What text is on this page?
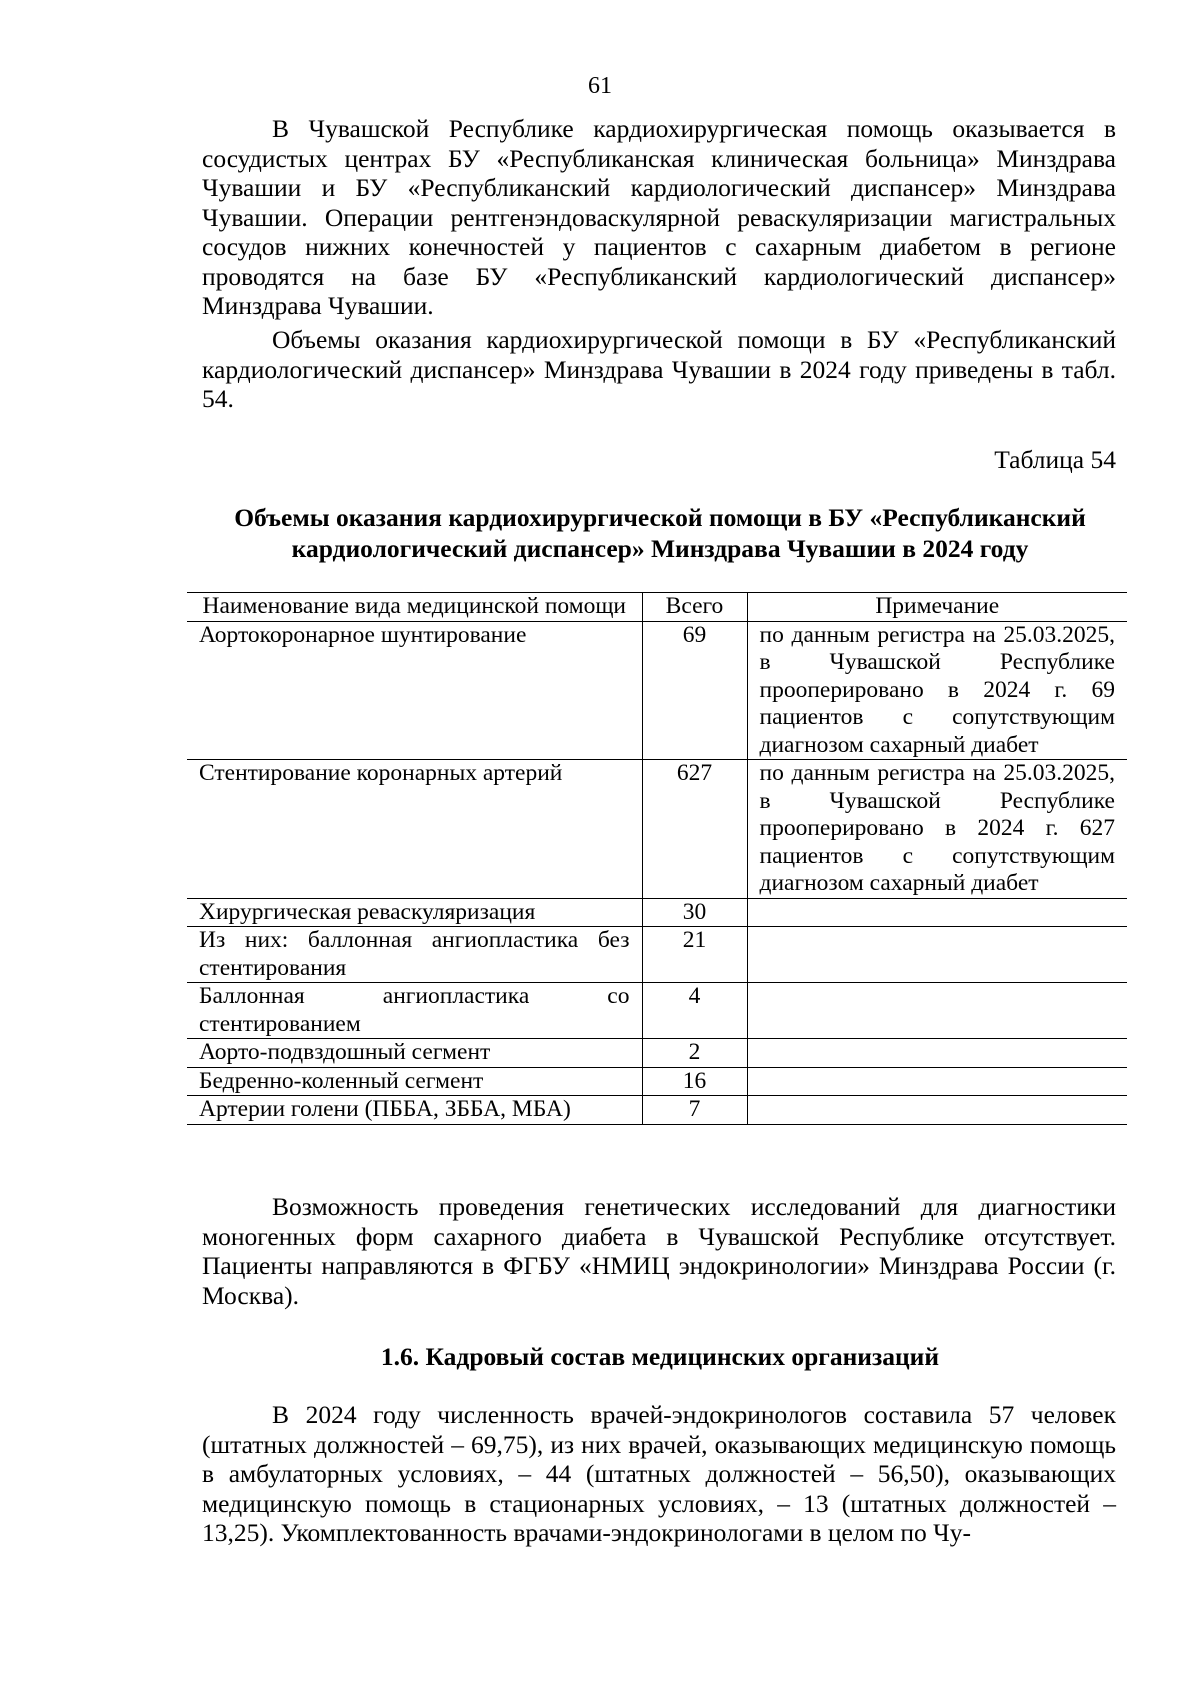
61

В Чувашской Республике кардиохирургическая помощь оказывается в сосудистых центрах БУ «Республиканская клиническая больница» Минздрава Чувашии и БУ «Республиканский кардиологический диспансер» Минздрава Чувашии. Операции рентгенэндоваскулярной реваскуляризации магистральных сосудов нижних конечностей у пациентов с сахарным диабетом в регионе проводятся на базе БУ «Республиканский кардиологический диспансер» Минздрава Чувашии.

Объемы оказания кардиохирургической помощи в БУ «Республиканский кардиологический диспансер» Минздрава Чувашии в 2024 году приведены в табл. 54.

Таблица 54
Объемы оказания кардиохирургической помощи в БУ «Республиканский кардиологический диспансер» Минздрава Чувашии в 2024 году
Наименование вида медицинской помощи	Всего	Примечание
Аортокоронарное шунтирование	69	по данным регистра на 25.03.2025, в Чувашской Республике прооперировано в 2024 г. 69 пациентов с сопутствующим диагнозом сахарный диабет
Стентирование коронарных артерий	627	по данным регистра на 25.03.2025, в Чувашской Республике прооперировано в 2024 г. 627 пациентов с сопутствующим диагнозом сахарный диабет
Хирургическая реваскуляризация	30	
Из них: баллонная ангиопластика без стентирования	21	
Баллонная ангиопластика со стентированием	4	
Аорто-подвздошный сегмент	2	
Бедренно-коленный сегмент	16	
Артерии голени (ПББА, ЗББА, МБА)	7	

Возможность проведения генетических исследований для диагностики моногенных форм сахарного диабета в Чувашской Республике отсутствует. Пациенты направляются в ФГБУ «НМИЦ эндокринологии» Минздрава России (г. Москва).

1.6. Кадровый состав медицинских организаций

В 2024 году численность врачей-эндокринологов составила 57 человек (штатных должностей – 69,75), из них врачей, оказывающих медицинскую помощь в амбулаторных условиях, – 44 (штатных должностей – 56,50), оказывающих медицинскую помощь в стационарных условиях, – 13 (штатных должностей – 13,25). Укомплектованность врачами-эндокринологами в целом по Чу-
